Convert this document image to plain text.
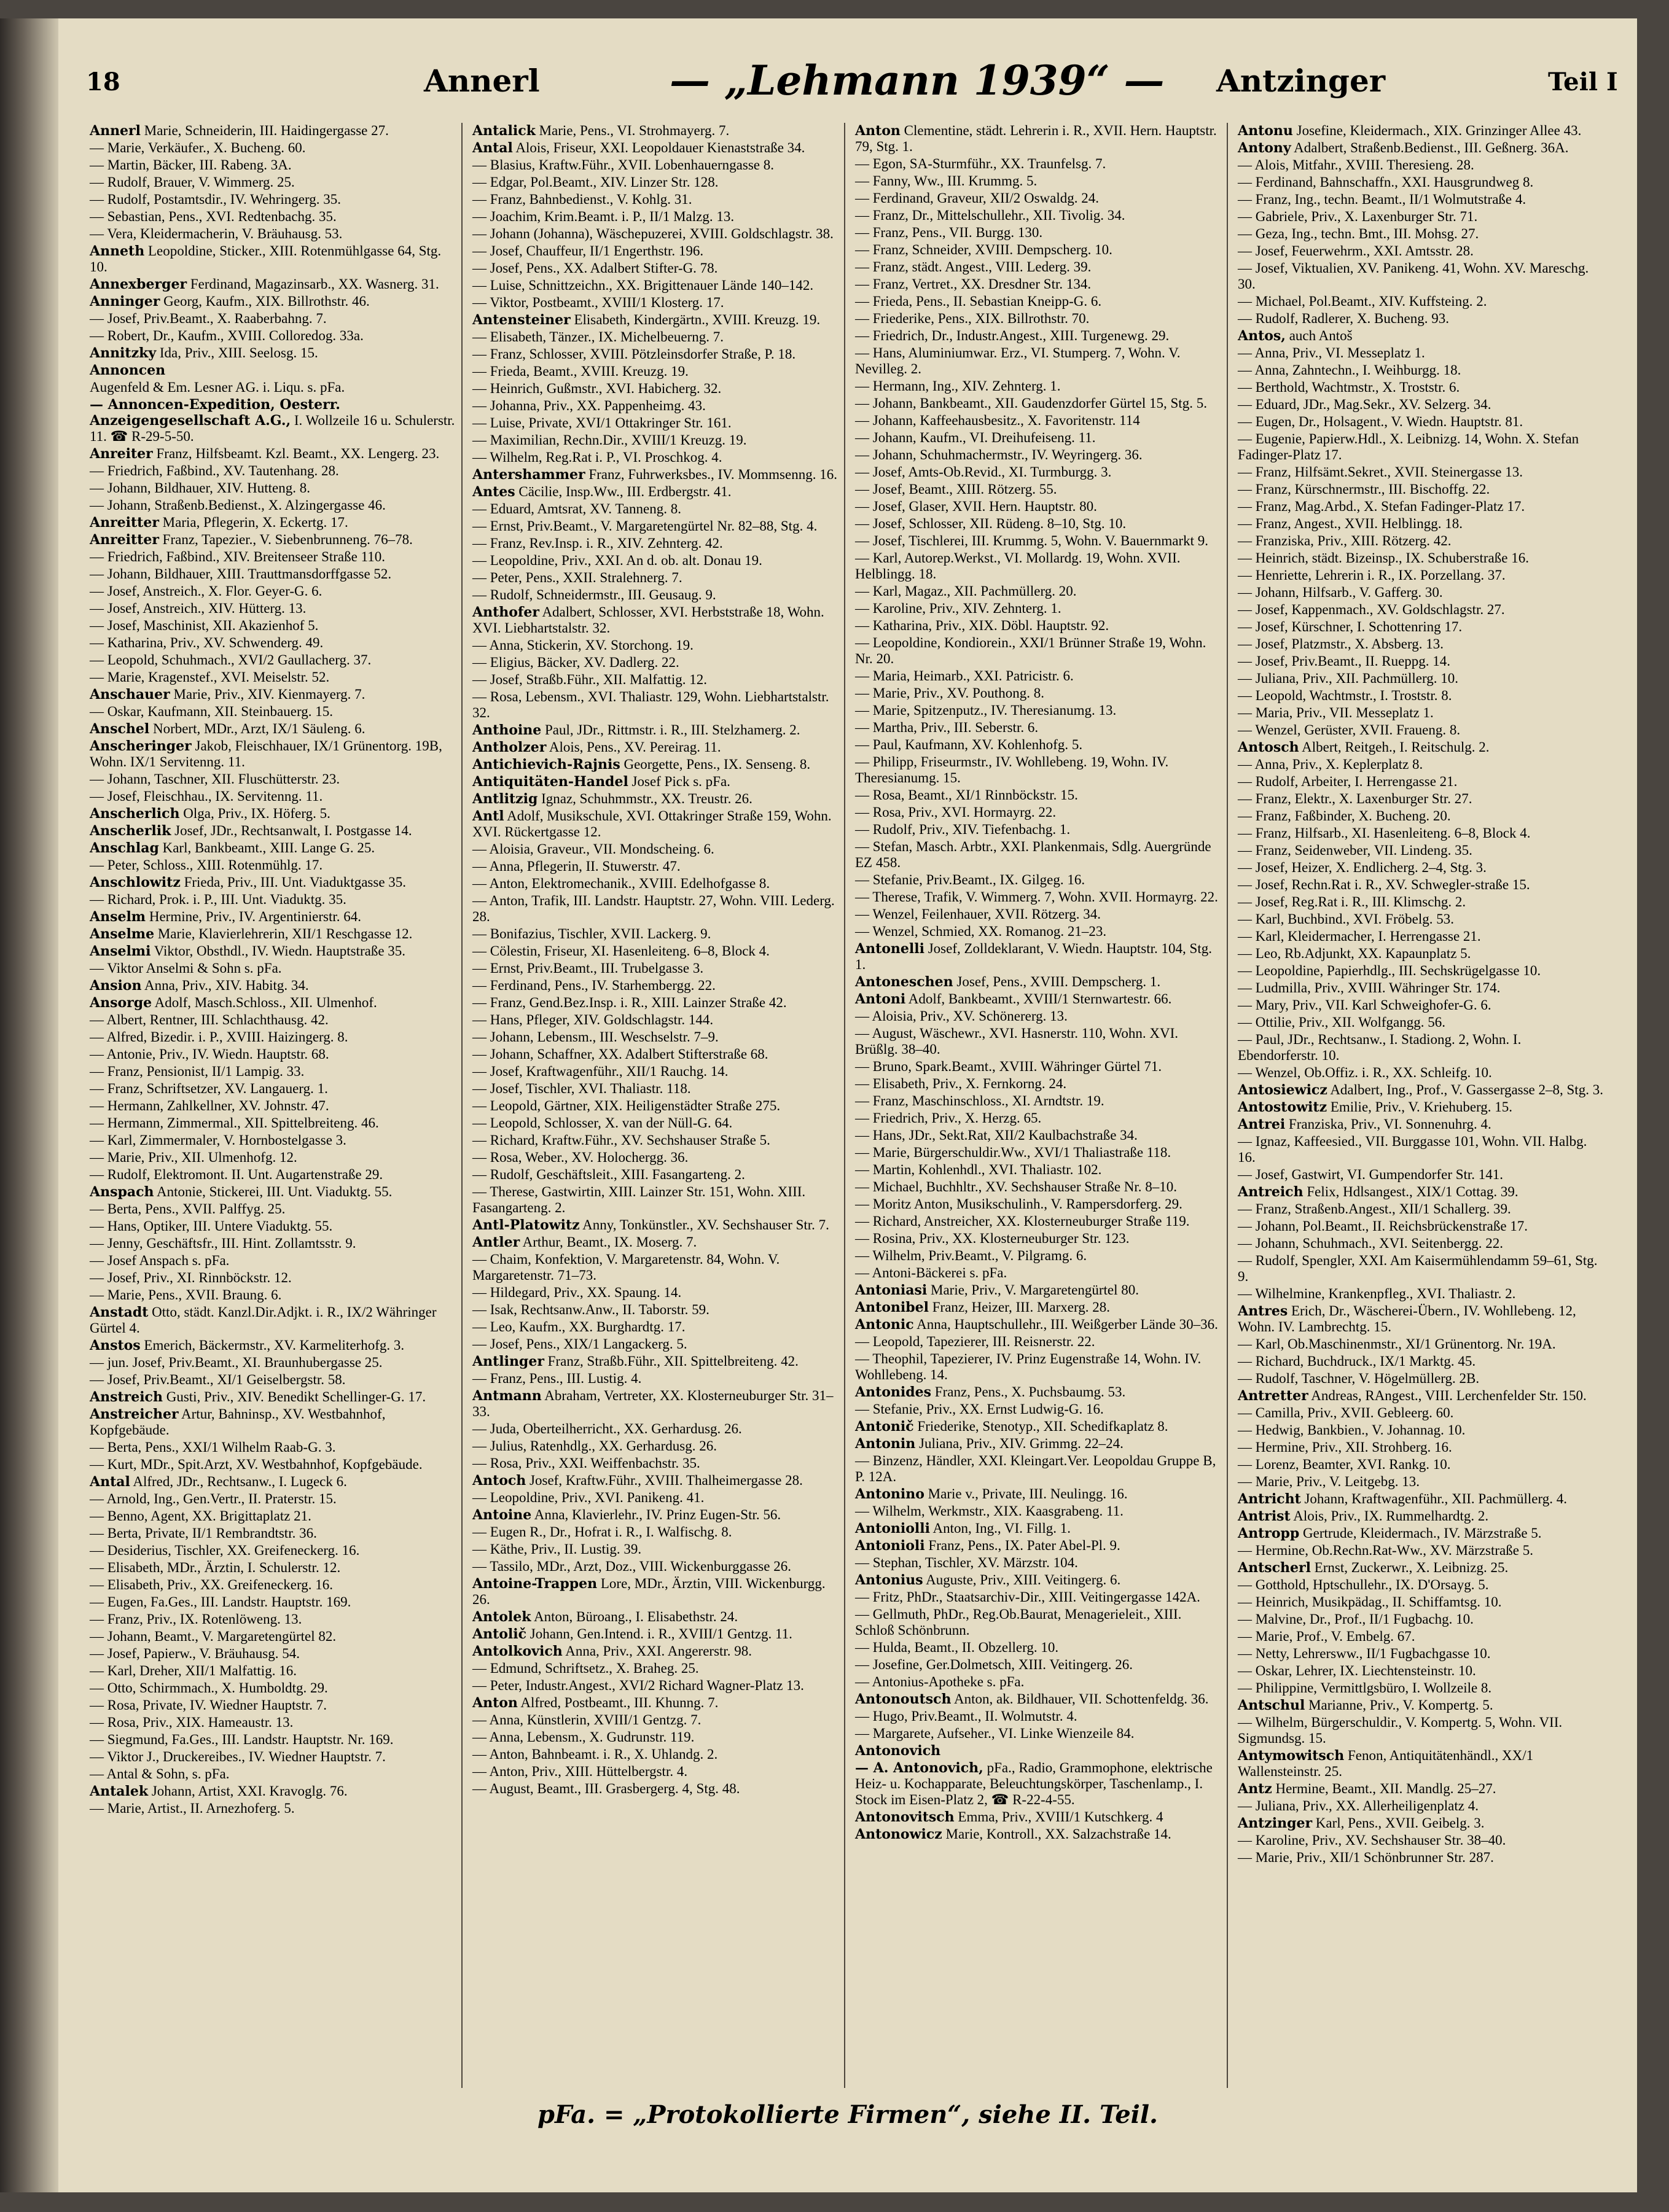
18	Annerl	— „Lehmann 1939“ — Antzinger	Teil I
Annerl Marie, Schneiderin, III. Haidingergasse 27.
— Marie, Verkäufer., X. Bucheng. 60.
— Martin, Bäcker, III. Rabeng. 3A.
— Rudolf, Brauer, V. Wimmerg. 25.
— Rudolf, Postamtsdir., IV. Wehringerg. 35.
— Sebastian, Pens., XVI. Redtenbachg. 35.
— Vera, Kleidermacherin, V. Bräuhausg. 53.
Anneth Leopoldine, Sticker., XIII. Rotenmühlgasse 64, Stg. 10.
Annexberger Ferdinand, Magazinsarb., XX. Wasnerg. 31.
Anninger Georg, Kaufm., XIX. Billrothstr. 46.
— Josef, Priv.Beamt., X. Raaberbahng. 7.
— Robert, Dr., Kaufm., XVIII. Colloredog. 33a.
Annitzky Ida, Priv., XIII. Seelosg. 15.
Annoncen
Augenfeld & Em. Lesner AG. i. Liqu. s. pFa.
— Annoncen-Expedition, Oesterr. Anzeigengesellschaft A.G., I. Wollzeile 16 u. Schulerstr. 11. ☎ R-29-5-50.
Anreiter Franz, Hilfsbeamt. Kzl. Beamt., XX. Lengerg. 23.
— Friedrich, Faßbind., XV. Tautenhang. 28.
— Johann, Bildhauer, XIV. Hutteng. 8.
— Johann, Straßenb.Bedienst., X. Alzingergasse 46.
Anreitter Maria, Pflegerin, X. Eckertg. 17.
Anreitter Franz, Tapezier., V. Siebenbrunneng. 76–78.
— Friedrich, Faßbind., XIV. Breitenseer Straße 110.
— Johann, Bildhauer, XIII. Trauttmansdorffgasse 52.
— Josef, Anstreich., X. Flor. Geyer-G. 6.
— Josef, Anstreich., XIV. Hütterg. 13.
— Josef, Maschinist, XII. Akazienhof 5.
— Katharina, Priv., XV. Schwenderg. 49.
— Leopold, Schuhmach., XVI/2 Gaullacherg. 37.
— Marie, Kragenstef., XVI. Meiselstr. 52.
Anschauer Marie, Priv., XIV. Kienmayerg. 7.
— Oskar, Kaufmann, XII. Steinbauerg. 15.
Anschel Norbert, MDr., Arzt, IX/1 Säuleng. 6.
Anscheringer Jakob, Fleischhauer, IX/1 Grünentorg. 19B, Wohn. IX/1 Servitenng. 11.
— Johann, Taschner, XII. Fluschütterstr. 23.
— Josef, Fleischhau., IX. Servitenng. 11.
Anscherlich Olga, Priv., IX. Höferg. 5.
Anscherlik Josef, JDr., Rechtsanwalt, I. Postgasse 14.
Anschlag Karl, Bankbeamt., XIII. Lange G. 25.
— Peter, Schloss., XIII. Rotenmühlg. 17.
Anschlowitz Frieda, Priv., III. Unt. Viaduktgasse 35.
— Richard, Prok. i. P., III. Unt. Viaduktg. 35.
Anselm Hermine, Priv., IV. Argentinierstr. 64.
Anselme Marie, Klavierlehrerin, XII/1 Reschgasse 12.
Anselmi Viktor, Obsthdl., IV. Wiedn. Hauptstraße 35.
— Viktor Anselmi & Sohn s. pFa.
Ansion Anna, Priv., XIV. Habitg. 34.
Ansorge Adolf, Masch.Schloss., XII. Ulmenhof.
— Albert, Rentner, III. Schlachthausg. 42.
— Alfred, Bizedir. i. P., XVIII. Haizingerg. 8.
— Antonie, Priv., IV. Wiedn. Hauptstr. 68.
— Franz, Pensionist, II/1 Lampig. 33.
— Franz, Schriftsetzer, XV. Langauerg. 1.
— Hermann, Zahlkellner, XV. Johnstr. 47.
— Hermann, Zimmermal., XII. Spittelbreiteng. 46.
— Karl, Zimmermaler, V. Hornbostelgasse 3.
— Marie, Priv., XII. Ulmenhofg. 12.
— Rudolf, Elektromont. II. Unt. Augartenstraße 29.
Anspach Antonie, Stickerei, III. Unt. Viaduktg. 55.
— Berta, Pens., XVII. Palffyg. 25.
— Hans, Optiker, III. Untere Viaduktg. 55.
— Jenny, Geschäftsfr., III. Hint. Zollamtsstr. 9.
— Josef Anspach s. pFa.
— Josef, Priv., XI. Rinnböckstr. 12.
— Marie, Pens., XVII. Braung. 6.
Anstadt Otto, städt. Kanzl.Dir.Adjkt. i. R., IX/2 Währinger Gürtel 4.
Anstos Emerich, Bäckermstr., XV. Karmeliterhofg. 3.
— jun. Josef, Priv.Beamt., XI. Braunhubergasse 25.
— Josef, Priv.Beamt., XI/1 Geiselbergstr. 58.
Anstreich Gusti, Priv., XIV. Benedikt Schellinger-G. 17.
Anstreicher Artur, Bahninsp., XV. Westbahnhof, Kopfgebäude.
— Berta, Pens., XXI/1 Wilhelm Raab-G. 3.
— Kurt, MDr., Spit.Arzt, XV. Westbahnhof, Kopfgebäude.
Antal Alfred, JDr., Rechtsanw., I. Lugeck 6.
— Arnold, Ing., Gen.Vertr., II. Praterstr. 15.
— Benno, Agent, XX. Brigittaplatz 21.
— Berta, Private, II/1 Rembrandtstr. 36.
— Desiderius, Tischler, XX. Greifeneckerg. 16.
— Elisabeth, MDr., Ärztin, I. Schulerstr. 12.
— Elisabeth, Priv., XX. Greifeneckerg. 16.
— Eugen, Fa.Ges., III. Landstr. Hauptstr. 169.
— Franz, Priv., IX. Rotenlöweng. 13.
— Johann, Beamt., V. Margaretengürtel 82.
— Josef, Papierw., V. Bräuhausg. 54.
— Karl, Dreher, XII/1 Malfattig. 16.
— Otto, Schirmmach., X. Humboldtg. 29.
— Rosa, Private, IV. Wiedner Hauptstr. 7.
— Rosa, Priv., XIX. Hameaustr. 13.
— Siegmund, Fa.Ges., III. Landstr. Hauptstr. Nr. 169.
— Viktor J., Druckereibes., IV. Wiedner Hauptstr. 7.
— Antal & Sohn, s. pFa.
Antalek Johann, Artist, XXI. Kravoglg. 76.
— Marie, Artist., II. Arnezhoferg. 5.
Antalick Marie, Pens., VI. Strohmayerg. 7.
Antal Alois, Friseur, XXI. Leopoldauer Kienaststraße 34.
— Blasius, Kraftw.Führ., XVII. Lobenhauerngasse 8.
— Edgar, Pol.Beamt., XIV. Linzer Str. 128.
— Franz, Bahnbedienst., V. Kohlg. 31.
— Joachim, Krim.Beamt. i. P., II/1 Malzg. 13.
— Johann (Johanna), Wäschepuzerei, XVIII. Goldschlagstr. 38.
— Josef, Chauffeur, II/1 Engerthstr. 196.
— Josef, Pens., XX. Adalbert Stifter-G. 78.
— Luise, Schnittzeichn., XX. Brigittenauer Lände 140–142.
— Viktor, Postbeamt., XVIII/1 Klosterg. 17.
Antensteiner Elisabeth, Kindergärtn., XVIII. Kreuzg. 19.
— Elisabeth, Tänzer., IX. Michelbeuerng. 7.
— Franz, Schlosser, XVIII. Pötzleinsdorfer Straße, P. 18.
— Frieda, Beamt., XVIII. Kreuzg. 19.
— Heinrich, Gußmstr., XVI. Habicherg. 32.
— Johanna, Priv., XX. Pappenheimg. 43.
— Luise, Private, XVI/1 Ottakringer Str. 161.
— Maximilian, Rechn.Dir., XVIII/1 Kreuzg. 19.
— Wilhelm, Reg.Rat i. P., VI. Proschkog. 4.
Antershammer Franz, Fuhrwerksbes., IV. Mommsenng. 16.
Antes Cäcilie, Insp.Ww., III. Erdbergstr. 41.
— Eduard, Amtsrat, XV. Tanneng. 8.
— Ernst, Priv.Beamt., V. Margaretengürtel Nr. 82–88, Stg. 4.
— Franz, Rev.Insp. i. R., XIV. Zehnterg. 42.
— Leopoldine, Priv., XXI. An d. ob. alt. Donau 19.
— Peter, Pens., XXII. Stralehnerg. 7.
— Rudolf, Schneidermstr., III. Geusaug. 9.
Anthofer Adalbert, Schlosser, XVI. Herbststraße 18, Wohn. XVI. Liebhartstalstr. 32.
— Anna, Stickerin, XV. Storchong. 19.
— Eligius, Bäcker, XV. Dadlerg. 22.
— Josef, Straßb.Führ., XII. Malfattig. 12.
— Rosa, Lebensm., XVI. Thaliastr. 129, Wohn. Liebhartstalstr. 32.
Anthoine Paul, JDr., Rittmstr. i. R., III. Stelzhamerg. 2.
Antholzer Alois, Pens., XV. Pereirag. 11.
Antichievich-Rajnis Georgette, Pens., IX. Senseng. 8.
Antiquitäten-Handel Josef Pick s. pFa.
Antlitzig Ignaz, Schuhmmstr., XX. Treustr. 26.
Antl Adolf, Musikschule, XVI. Ottakringer Straße 159, Wohn. XVI. Rückertgasse 12.
— Aloisia, Graveur., VII. Mondscheing. 6.
— Anna, Pflegerin, II. Stuwerstr. 47.
— Anton, Elektromechanik., XVIII. Edelhofgasse 8.
— Anton, Trafik, III. Landstr. Hauptstr. 27, Wohn. VIII. Lederg. 28.
— Bonifazius, Tischler, XVII. Lackerg. 9.
— Cölestin, Friseur, XI. Hasenleiteng. 6–8, Block 4.
— Ernst, Priv.Beamt., III. Trubelgasse 3.
— Ferdinand, Pens., IV. Starhembergg. 22.
— Franz, Gend.Bez.Insp. i. R., XIII. Lainzer Straße 42.
— Hans, Pfleger, XIV. Goldschlagstr. 144.
— Johann, Lebensm., III. Weschselstr. 7–9.
— Johann, Schaffner, XX. Adalbert Stifterstraße 68.
— Josef, Kraftwagenführ., XII/1 Rauchg. 14.
— Josef, Tischler, XVI. Thaliastr. 118.
— Leopold, Gärtner, XIX. Heiligenstädter Straße 275.
— Leopold, Schlosser, X. van der Nüll-G. 64.
— Richard, Kraftw.Führ., XV. Sechshauser Straße 5.
— Rosa, Weber., XV. Holochergg. 36.
— Rudolf, Geschäftsleit., XIII. Fasangarteng. 2.
— Therese, Gastwirtin, XIII. Lainzer Str. 151, Wohn. XIII. Fasangarteng. 2.
Antl-Platowitz Anny, Tonkünstler., XV. Sechshauser Str. 7.
Antler Arthur, Beamt., IX. Moserg. 7.
— Chaim, Konfektion, V. Margaretenstr. 84, Wohn. V. Margaretenstr. 71–73.
— Hildegard, Priv., XX. Spaung. 14.
— Isak, Rechtsanw.Anw., II. Taborstr. 59.
— Leo, Kaufm., XX. Burghardtg. 17.
— Josef, Pens., XIX/1 Langackerg. 5.
Antlinger Franz, Straßb.Führ., XII. Spittelbreiteng. 42.
— Franz, Pens., III. Lustig. 4.
Antmann Abraham, Vertreter, XX. Klosterneuburger Str. 31–33.
— Juda, Oberteilherricht., XX. Gerhardusg. 26.
— Julius, Ratenhdlg., XX. Gerhardusg. 26.
— Rosa, Priv., XXI. Weiffenbachstr. 35.
Antoch Josef, Kraftw.Führ., XVIII. Thalheimergasse 28.
— Leopoldine, Priv., XVI. Panikeng. 41.
Antoine Anna, Klavierlehr., IV. Prinz Eugen-Str. 56.
— Eugen R., Dr., Hofrat i. R., I. Walfischg. 8.
— Käthe, Priv., II. Lustig. 39.
— Tassilo, MDr., Arzt, Doz., VIII. Wickenburggasse 26.
Antoine-Trappen Lore, MDr., Ärztin, VIII. Wickenburgg. 26.
Antolek Anton, Büroang., I. Elisabethstr. 24.
Antolič Johann, Gen.Intend. i. R., XVIII/1 Gentzg. 11.
Antolkovich Anna, Priv., XXI. Angererstr. 98.
— Edmund, Schriftsetz., X. Braheg. 25.
— Peter, Industr.Angest., XVI/2 Richard Wagner-Platz 13.
Anton Alfred, Postbeamt., III. Khunng. 7.
— Anna, Künstlerin, XVIII/1 Gentzg. 7.
— Anna, Lebensm., X. Gudrunstr. 119.
— Anton, Bahnbeamt. i. R., X. Uhlandg. 2.
— Anton, Priv., XIII. Hüttelbergstr. 4.
— August, Beamt., III. Grasbergerg. 4, Stg. 48.
Anton Clementine, städt. Lehrerin i. R., XVII. Hern. Hauptstr. 79, Stg. 1.
— Egon, SA-Sturmführ., XX. Traunfelsg. 7.
— Fanny, Ww., III. Krummg. 5.
— Ferdinand, Graveur, XII/2 Oswaldg. 24.
— Franz, Dr., Mittelschullehr., XII. Tivolig. 34.
— Franz, Pens., VII. Burgg. 130.
— Franz, Schneider, XVIII. Dempscherg. 10.
— Franz, städt. Angest., VIII. Lederg. 39.
— Franz, Vertret., XX. Dresdner Str. 134.
— Frieda, Pens., II. Sebastian Kneipp-G. 6.
— Friederike, Pens., XIX. Billrothstr. 70.
— Friedrich, Dr., Industr.Angest., XIII. Turgenewg. 29.
— Hans, Aluminiumwar. Erz., VI. Stumperg. 7, Wohn. V. Nevilleg. 2.
— Hermann, Ing., XIV. Zehnterg. 1.
— Johann, Bankbeamt., XII. Gaudenzdorfer Gürtel 15, Stg. 5.
— Johann, Kaffeehausbesitz., X. Favoritenstr. 114
— Johann, Kaufm., VI. Dreihufeiseng. 11.
— Johann, Schuhmachermstr., IV. Weyringerg. 36.
— Josef, Amts-Ob.Revid., XI. Turmburgg. 3.
— Josef, Beamt., XIII. Rötzerg. 55.
— Josef, Glaser, XVII. Hern. Hauptstr. 80.
— Josef, Schlosser, XII. Rüdeng. 8–10, Stg. 10.
— Josef, Tischlerei, III. Krummg. 5, Wohn. V. Bauernmarkt 9.
— Karl, Autorep.Werkst., VI. Mollardg. 19, Wohn. XVII. Helblingg. 18.
— Karl, Magaz., XII. Pachmüllerg. 20.
— Karoline, Priv., XIV. Zehnterg. 1.
— Katharina, Priv., XIX. Döbl. Hauptstr. 92.
— Leopoldine, Kondiorein., XXI/1 Brünner Straße 19, Wohn. Nr. 20.
— Maria, Heimarb., XXI. Patricistr. 6.
— Marie, Priv., XV. Pouthong. 8.
— Marie, Spitzenputz., IV. Theresianumg. 13.
— Martha, Priv., III. Seberstr. 6.
— Paul, Kaufmann, XV. Kohlenhofg. 5.
— Philipp, Friseurmstr., IV. Wohllebeng. 19, Wohn. IV. Theresianumg. 15.
— Rosa, Beamt., XI/1 Rinnböckstr. 15.
— Rosa, Priv., XVI. Hormayrg. 22.
— Rudolf, Priv., XIV. Tiefenbachg. 1.
— Stefan, Masch. Arbtr., XXI. Plankenmais, Sdlg. Auergründe EZ 458.
— Stefanie, Priv.Beamt., IX. Gilgeg. 16.
— Therese, Trafik, V. Wimmerg. 7, Wohn. XVII. Hormayrg. 22.
— Wenzel, Feilenhauer, XVII. Rötzerg. 34.
— Wenzel, Schmied, XX. Romanog. 21–23.
Antonelli Josef, Zolldeklarant, V. Wiedn. Hauptstr. 104, Stg. 1.
Antoneschen Josef, Pens., XVIII. Dempscherg. 1.
Antoni Adolf, Bankbeamt., XVIII/1 Sternwartestr. 66.
— Aloisia, Priv., XV. Schönererg. 13.
— August, Wäschewr., XVI. Hasnerstr. 110, Wohn. XVI. Brüßlg. 38–40.
— Bruno, Spark.Beamt., XVIII. Währinger Gürtel 71.
— Elisabeth, Priv., X. Fernkorng. 24.
— Franz, Maschinschloss., XI. Arndtstr. 19.
— Friedrich, Priv., X. Herzg. 65.
— Hans, JDr., Sekt.Rat, XII/2 Kaulbachstraße 34.
— Marie, Bürgerschuldir.Ww., XVI/1 Thaliastraße 118.
— Martin, Kohlenhdl., XVI. Thaliastr. 102.
— Michael, Buchhltr., XV. Sechshauser Straße Nr. 8–10.
— Moritz Anton, Musikschulinh., V. Rampersdorferg. 29.
— Richard, Anstreicher, XX. Klosterneuburger Straße 119.
— Rosina, Priv., XX. Klosterneuburger Str. 123.
— Wilhelm, Priv.Beamt., V. Pilgramg. 6.
— Antoni-Bäckerei s. pFa.
Antoniasi Marie, Priv., V. Margaretengürtel 80.
Antonibel Franz, Heizer, III. Marxerg. 28.
Antonic Anna, Hauptschullehr., III. Weißgerber Lände 30–36.
— Leopold, Tapezierer, III. Reisnerstr. 22.
— Theophil, Tapezierer, IV. Prinz Eugenstraße 14, Wohn. IV. Wohllebeng. 14.
Antonides Franz, Pens., X. Puchsbaumg. 53.
— Stefanie, Priv., XX. Ernst Ludwig-G. 16.
Antonič Friederike, Stenotyp., XII. Schedifkaplatz 8.
Antonin Juliana, Priv., XIV. Grimmg. 22–24.
— Binzenz, Händler, XXI. Kleingart.Ver. Leopoldau Gruppe B, P. 12A.
Antonino Marie v., Private, III. Neulingg. 16.
— Wilhelm, Werkmstr., XIX. Kaasgrabeng. 11.
Antoniolli Anton, Ing., VI. Fillg. 1.
Antonioli Franz, Pens., IX. Pater Abel-Pl. 9.
— Stephan, Tischler, XV. Märzstr. 104.
Antonius Auguste, Priv., XIII. Veitingerg. 6.
— Fritz, PhDr., Staatsarchiv-Dir., XIII. Veitingergasse 142A.
— Gellmuth, PhDr., Reg.Ob.Baurat, Menagerieleit., XIII. Schloß Schönbrunn.
— Hulda, Beamt., II. Obzellerg. 10.
— Josefine, Ger.Dolmetsch, XIII. Veitingerg. 26.
— Antonius-Apotheke s. pFa.
Antonoutsch Anton, ak. Bildhauer, VII. Schottenfeldg. 36.
— Hugo, Priv.Beamt., II. Wolmutstr. 4.
— Margarete, Aufseher., VI. Linke Wienzeile 84.
Antonovich
— A. Antonovich, pFa., Radio, Grammophone, elektrische Heiz- u. Kochapparate, Beleuchtungskörper, Taschenlamp., I. Stock im Eisen-Platz 2, ☎ R-22-4-55.
Antonovitsch Emma, Priv., XVIII/1 Kutschkerg. 4
Antonowicz Marie, Kontroll., XX. Salzachstraße 14.
Antonu Josefine, Kleidermach., XIX. Grinzinger Allee 43.
Antony Adalbert, Straßenb.Bedienst., III. Geßnerg. 36A.
— Alois, Mitfahr., XVIII. Theresieng. 28.
— Ferdinand, Bahnschaffn., XXI. Hausgrundweg 8.
— Franz, Ing., techn. Beamt., II/1 Wolmutstraße 4.
— Gabriele, Priv., X. Laxenburger Str. 71.
— Geza, Ing., techn. Bmt., III. Mohsg. 27.
— Josef, Feuerwehrm., XXI. Amtsstr. 28.
— Josef, Viktualien, XV. Panikeng. 41, Wohn. XV. Mareschg. 30.
— Michael, Pol.Beamt., XIV. Kuffsteing. 2.
— Rudolf, Radlerer, X. Bucheng. 93.
Antos, auch Antoš
— Anna, Priv., VI. Messeplatz 1.
— Anna, Zahntechn., I. Weihburgg. 18.
— Berthold, Wachtmstr., X. Troststr. 6.
— Eduard, JDr., Mag.Sekr., XV. Selzerg. 34.
— Eugen, Dr., Holsagent., V. Wiedn. Hauptstr. 81.
— Eugenie, Papierw.Hdl., X. Leibnizg. 14, Wohn. X. Stefan Fadinger-Platz 17.
— Franz, Hilfsämt.Sekret., XVII. Steinergasse 13.
— Franz, Kürschnermstr., III. Bischoffg. 22.
— Franz, Mag.Arbd., X. Stefan Fadinger-Platz 17.
— Franz, Angest., XVII. Helblingg. 18.
— Franziska, Priv., XIII. Rötzerg. 42.
— Heinrich, städt. Bizeinsp., IX. Schuberstraße 16.
— Henriette, Lehrerin i. R., IX. Porzellang. 37.
— Johann, Hilfsarb., V. Gafferg. 30.
— Josef, Kappenmach., XV. Goldschlagstr. 27.
— Josef, Kürschner, I. Schottenring 17.
— Josef, Platzmstr., X. Absberg. 13.
— Josef, Priv.Beamt., II. Rueppg. 14.
— Juliana, Priv., XII. Pachmüllerg. 10.
— Leopold, Wachtmstr., I. Troststr. 8.
— Maria, Priv., VII. Messeplatz 1.
— Wenzel, Gerüster, XVII. Fraueng. 8.
Antosch Albert, Reitgeh., I. Reitschulg. 2.
— Anna, Priv., X. Keplerplatz 8.
— Rudolf, Arbeiter, I. Herrengasse 21.
— Franz, Elektr., X. Laxenburger Str. 27.
— Franz, Faßbinder, X. Bucheng. 20.
— Franz, Hilfsarb., XI. Hasenleiteng. 6–8, Block 4.
— Franz, Seidenweber, VII. Lindeng. 35.
— Josef, Heizer, X. Endlicherg. 2–4, Stg. 3.
— Josef, Rechn.Rat i. R., XV. Schwegler-straße 15.
— Josef, Reg.Rat i. R., III. Klimschg. 2.
— Karl, Buchbind., XVI. Fröbelg. 53.
— Karl, Kleidermacher, I. Herrengasse 21.
— Leo, Rb.Adjunkt, XX. Kapaunplatz 5.
— Leopoldine, Papierhdlg., III. Sechskrügelgasse 10.
— Ludmilla, Priv., XVIII. Währinger Str. 174.
— Mary, Priv., VII. Karl Schweighofer-G. 6.
— Ottilie, Priv., XII. Wolfgangg. 56.
— Paul, JDr., Rechtsanw., I. Stadiong. 2, Wohn. I. Ebendorferstr. 10.
— Wenzel, Ob.Offiz. i. R., XX. Schleifg. 10.
Antosiewicz Adalbert, Ing., Prof., V. Gassergasse 2–8, Stg. 3.
Antostowitz Emilie, Priv., V. Kriehuberg. 15.
Antrei Franziska, Priv., VI. Sonnenuhrg. 4.
— Ignaz, Kaffeesied., VII. Burggasse 101, Wohn. VII. Halbg. 16.
— Josef, Gastwirt, VI. Gumpendorfer Str. 141.
Antreich Felix, Hdlsangest., XIX/1 Cottag. 39.
— Franz, Straßenb.Angest., XII/1 Schallerg. 39.
— Johann, Pol.Beamt., II. Reichsbrückenstraße 17.
— Johann, Schuhmach., XVI. Seitenbergg. 22.
— Rudolf, Spengler, XXI. Am Kaisermühlendamm 59–61, Stg. 9.
— Wilhelmine, Krankenpfleg., XVI. Thaliastr. 2.
Antres Erich, Dr., Wäscherei-Übern., IV. Wohllebeng. 12, Wohn. IV. Lambrechtg. 15.
— Karl, Ob.Maschinenmstr., XI/1 Grünentorg. Nr. 19A.
— Richard, Buchdruck., IX/1 Marktg. 45.
— Rudolf, Taschner, V. Högelmüllerg. 2B.
Antretter Andreas, RAngest., VIII. Lerchenfelder Str. 150.
— Camilla, Priv., XVII. Gebleerg. 60.
— Hedwig, Bankbien., V. Johannag. 10.
— Hermine, Priv., XII. Strohberg. 16.
— Lorenz, Beamter, XVI. Rankg. 10.
— Marie, Priv., V. Leitgebg. 13.
Antricht Johann, Kraftwagenführ., XII. Pachmüllerg. 4.
Antrist Alois, Priv., IX. Rummelhardtg. 2.
Antropp Gertrude, Kleidermach., IV. Märzstraße 5.
— Hermine, Ob.Rechn.Rat-Ww., XV. Märzstraße 5.
Antscherl Ernst, Zuckerwr., X. Leibnizg. 25.
— Gotthold, Hptschullehr., IX. D'Orsayg. 5.
— Heinrich, Musikpädag., II. Schiffamtsg. 10.
— Malvine, Dr., Prof., II/1 Fugbachg. 10.
— Marie, Prof., V. Embelg. 67.
— Netty, Lehrersww., II/1 Fugbachgasse 10.
— Oskar, Lehrer, IX. Liechtensteinstr. 10.
— Philippine, Vermittlgsbüro, I. Wollzeile 8.
Antschul Marianne, Priv., V. Kompertg. 5.
— Wilhelm, Bürgerschuldir., V. Kompertg. 5, Wohn. VII. Sigmundsg. 15.
Antymowitsch Fenon, Antiquitätenhändl., XX/1 Wallensteinstr. 25.
Antz Hermine, Beamt., XII. Mandlg. 25–27.
— Juliana, Priv., XX. Allerheiligenplatz 4.
Antzinger Karl, Pens., XVII. Geibelg. 3.
— Karoline, Priv., XV. Sechshauser Str. 38–40.
— Marie, Priv., XII/1 Schönbrunner Str. 287.
pFa. = „Protokollierte Firmen“, siehe II. Teil.
